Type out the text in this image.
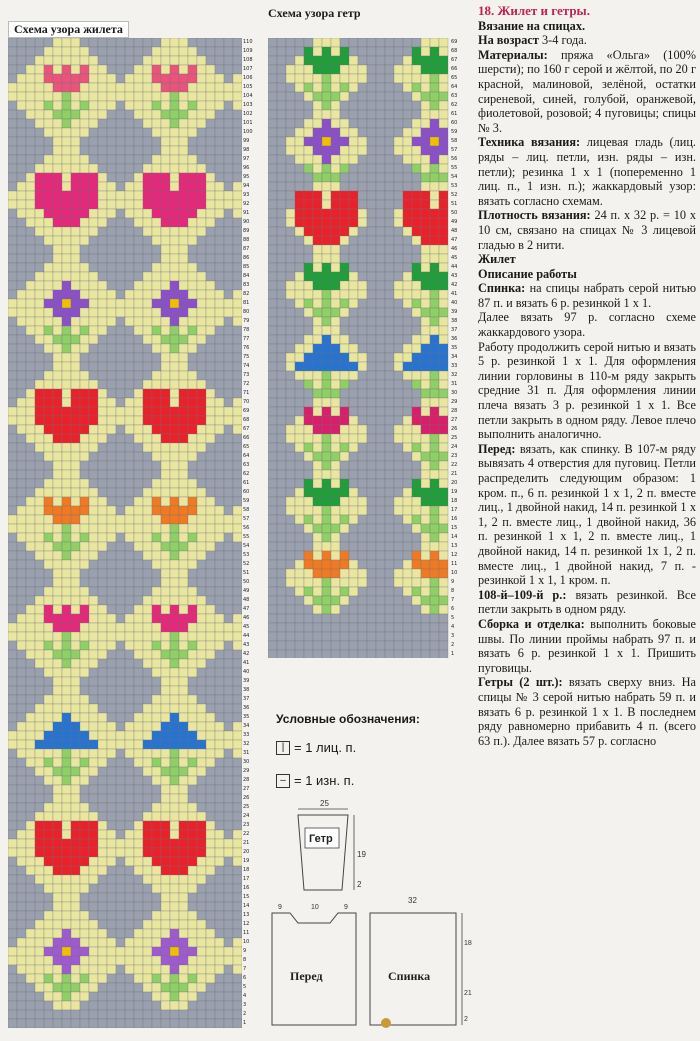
Схема узора жилета
110
109
108
107
106
105
104
103
102
101
100
99
98
97
96
95
94
93
92
91
90
89
88
87
86
85
84
83
82
81
80
79
78
77
76
75
74
73
72
71
70
69
68
67
66
65
64
63
62
61
60
59
58
57
56
55
54
53
52
51
50
49
48
47
46
45
44
43
42
41
40
39
38
37
36
35
34
33
32
31
30
29
28
27
26
25
24
23
22
21
20
19
18
17
16
15
14
13
12
11
10
9
8
7
6
5
4
3
2
1
Схема узора гетр
69
68
67
66
65
64
63
62
61
60
59
58
57
56
55
54
53
52
51
50
49
48
47
46
45
44
43
42
41
40
39
38
37
36
35
34
33
32
31
30
29
28
27
26
25
24
23
22
21
20
19
18
17
16
15
14
13
12
11
10
9
8
7
6
5
4
3
2
1
Условные обозначения:
| = 1 лиц. п.
– = 1 изн. п.
25
19
2
Гетр
9	10	9
Перед
32
Спинка
18
21
2

18. Жилет и гетры.

Вязание на спицах.

На возраст 3-4 года.

Материалы: пряжа «Ольга» (100% шерсти); по 160 г серой и жёлтой, по 20 г красной, малиновой, зелёной, остатки сиреневой, синей, голубой, оранжевой, фиолетовой, розовой; 4 пуговицы; спицы № 3.

Техника вязания: лицевая гладь (лиц. ряды – лиц. петли, изн. ряды – изн. петли); резинка 1 x 1 (попеременно 1 лиц. п., 1 изн. п.); жаккардовый узор: вязать согласно схемам.

Плотность вязания: 24 п. x 32 р. = 10 x 10 см, связано на спицах № 3 лицевой гладью в 2 нити.

Жилет

Описание работы

Спинка: на спицы набрать серой нитью 87 п. и вязать 6 р. резинкой 1 x 1.

Далее вязать 97 р. согласно схеме жаккардового узора.

Работу продолжить серой нитью и вязать 5 р. резинкой 1 x 1. Для оформления линии горловины в 110-м ряду закрыть средние 31 п. Для оформления линии плеча вязать 3 р. резинкой 1 x 1. Все петли закрыть в одном ряду. Левое плечо выполнить аналогично.

Перед: вязать, как спинку. В 107-м ряду вывязать 4 отверстия для пуговиц. Петли распределить следующим образом: 1 кром. п., 6 п. резинкой 1 x 1, 2 п. вместе лиц., 1 двойной накид, 14 п. резинкой 1 x 1, 2 п. вместе лиц., 1 двойной накид, 36 п. резинкой 1 x 1, 2 п. вместе лиц., 1 двойной накид, 14 п. резинкой 1x 1, 2 п. вместе лиц., 1 двойной накид, 7 п. - резинкой 1 x 1, 1 кром. п.

108-й–109-й р.: вязать резинкой. Все петли закрыть в одном ряду.

Сборка и отделка: выполнить боковые швы. По линии проймы набрать 97 п. и вязать 6 р. резинкой 1 x 1. Пришить пуговицы.

Гетры (2 шт.): вязать сверху вниз. На спицы № 3 серой нитью набрать 59 п. и вязать 6 р. резинкой 1 x 1. В последнем ряду равномерно прибавить 4 п. (всего 63 п.). Далее вязать 57 р. согласно
